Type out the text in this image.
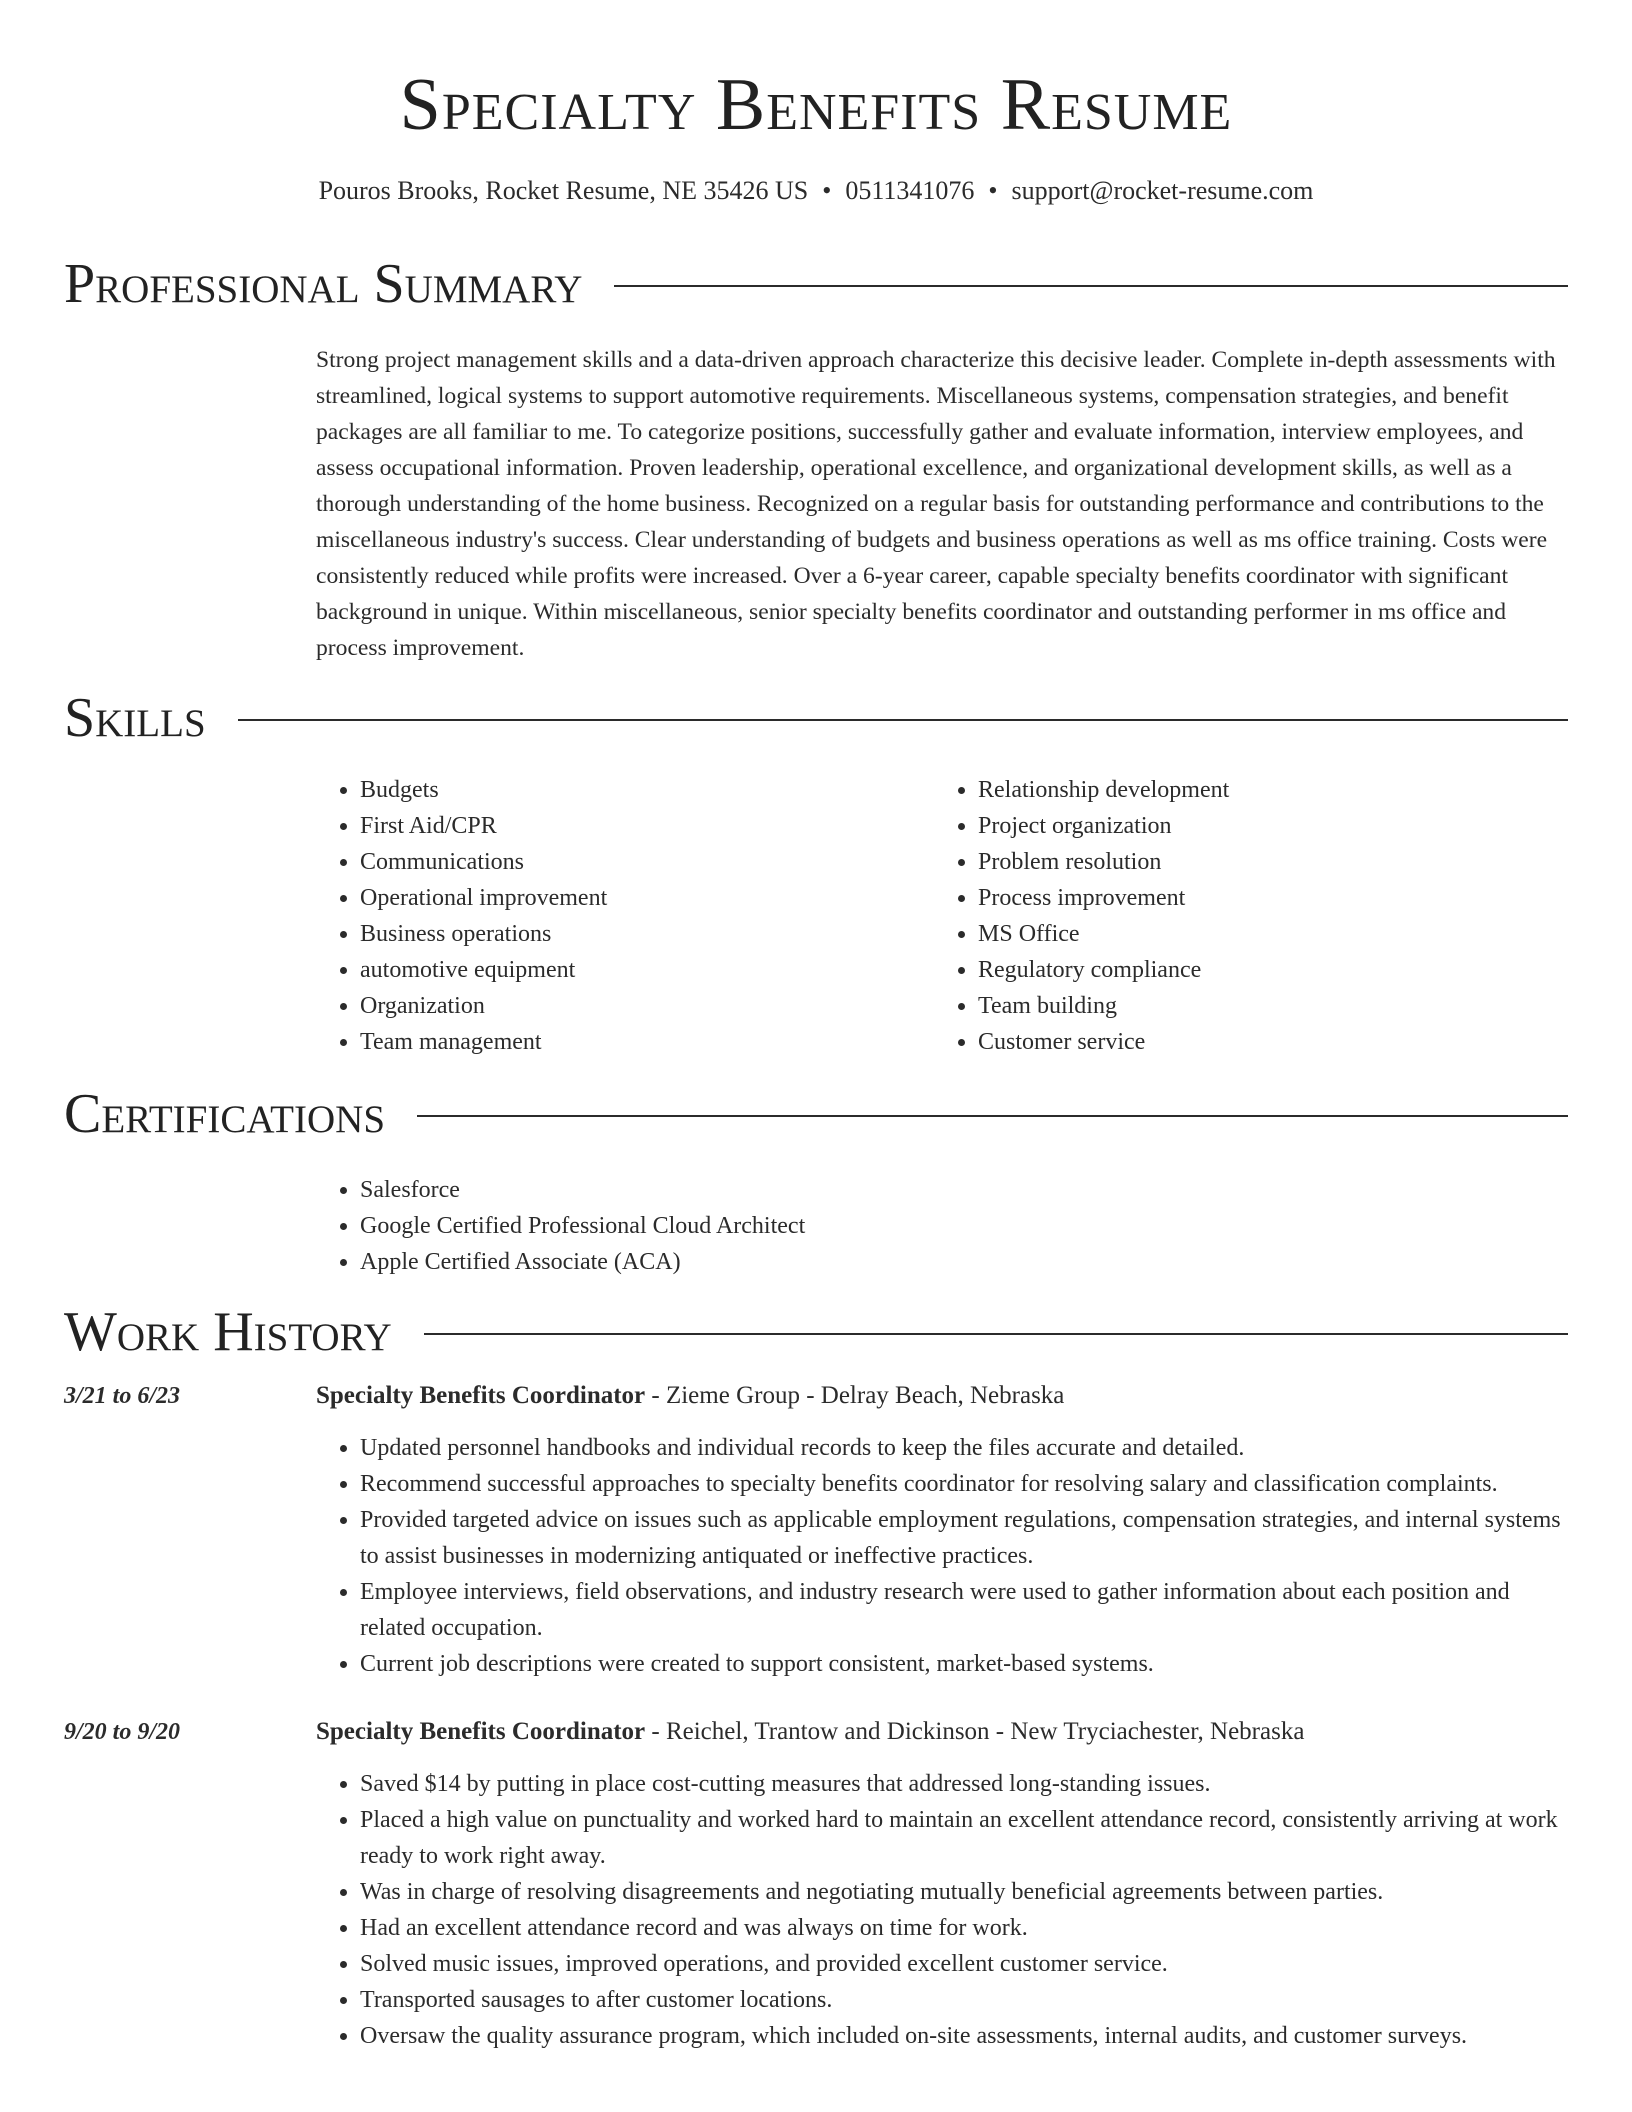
Specialty Benefits Resume
Pouros Brooks, Rocket Resume, NE 35426 US • 0511341076 • support@rocket-resume.com
Professional Summary

Strong project management skills and a data-driven approach characterize this decisive leader. Complete in-depth assessments with streamlined, logical systems to support automotive requirements. Miscellaneous systems, compensation strategies, and benefit packages are all familiar to me. To categorize positions, successfully gather and evaluate information, interview employees, and assess occupational information. Proven leadership, operational excellence, and organizational development skills, as well as a thorough understanding of the home business. Recognized on a regular basis for outstanding performance and contributions to the miscellaneous industry's success. Clear understanding of budgets and business operations as well as ms office training. Costs were consistently reduced while profits were increased. Over a 6-year career, capable specialty benefits coordinator with significant background in unique. Within miscellaneous, senior specialty benefits coordinator and outstanding performer in ms office and process improvement.

Skills
• Budgets
• First Aid/CPR
• Communications
• Operational improvement
• Business operations
• automotive equipment
• Organization
• Team management
• Relationship development
• Project organization
• Problem resolution
• Process improvement
• MS Office
• Regulatory compliance
• Team building
• Customer service
Certifications
• Salesforce
• Google Certified Professional Cloud Architect
• Apple Certified Associate (ACA)
Work History
3/21 to 6/23	Specialty Benefits Coordinator - Zieme Group - Delray Beach, Nebraska
• Updated personnel handbooks and individual records to keep the files accurate and detailed.
• Recommend successful approaches to specialty benefits coordinator for resolving salary and classification complaints.
• Provided targeted advice on issues such as applicable employment regulations, compensation strategies, and internal systems to assist businesses in modernizing antiquated or ineffective practices.
• Employee interviews, field observations, and industry research were used to gather information about each position and related occupation.
• Current job descriptions were created to support consistent, market-based systems.
9/20 to 9/20	Specialty Benefits Coordinator - Reichel, Trantow and Dickinson - New Tryciachester, Nebraska
• Saved $14 by putting in place cost-cutting measures that addressed long-standing issues.
• Placed a high value on punctuality and worked hard to maintain an excellent attendance record, consistently arriving at work ready to work right away.
• Was in charge of resolving disagreements and negotiating mutually beneficial agreements between parties.
• Had an excellent attendance record and was always on time for work.
• Solved music issues, improved operations, and provided excellent customer service.
• Transported sausages to after customer locations.
• Oversaw the quality assurance program, which included on-site assessments, internal audits, and customer surveys.
